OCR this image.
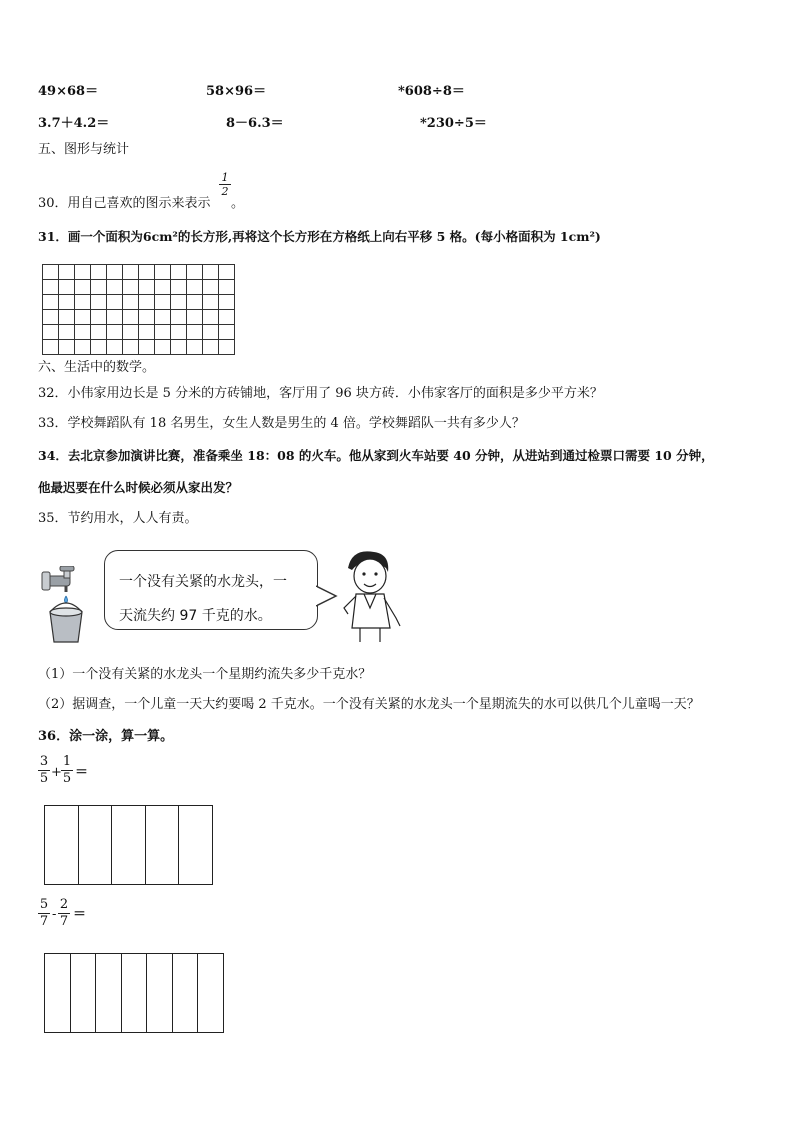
49×68＝	58×96＝	*608÷8＝
3.7＋4.2＝	8－6.3＝	*230÷5＝
五、图形与统计
30．用自己喜欢的图示来表示
1
2
。
31．画一个面积为6cm²的长方形,再将这个长方形在方格纸上向右平移 5 格。(每小格面积为 1cm²)

六、生活中的数学。
32．小伟家用边长是 5 分米的方砖铺地，客厅用了 96 块方砖．小伟家客厅的面积是多少平方米？
33．学校舞蹈队有 18 名男生，女生人数是男生的 4 倍。学校舞蹈队一共有多少人？
34．去北京参加演讲比赛，准备乘坐 18：08 的火车。他从家到火车站要 40 分钟，从进站到通过检票口需要 10 分钟，
他最迟要在什么时候必须从家出发？
35．节约用水，人人有责。
一个没有关紧的水龙头，一
天流失约 97 千克的水。
（1）一个没有关紧的水龙头一个星期约流失多少千克水？
（2）据调查，一个儿童一天大约要喝 2 千克水。一个没有关紧的水龙头一个星期流失的水可以供几个儿童喝一天？
36．涂一涂，算一算。
3
5 +
1
5 ＝
5
7 -
2
7 ＝
